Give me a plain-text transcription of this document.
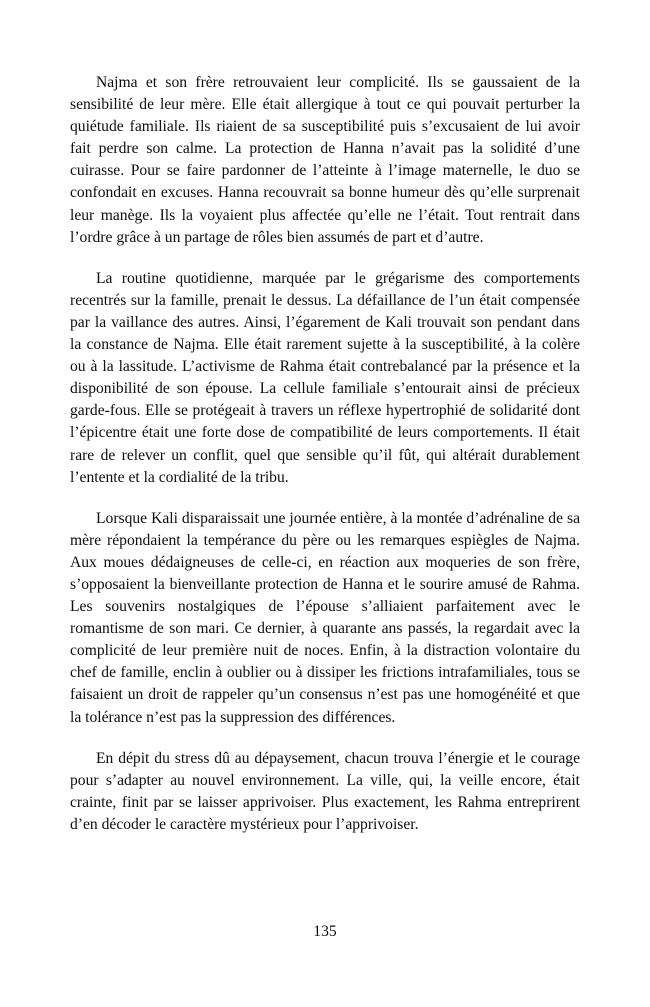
Najma et son frère retrouvaient leur complicité. Ils se gaussaient de la sensibilité de leur mère. Elle était allergique à tout ce qui pouvait perturber la quiétude familiale. Ils riaient de sa susceptibilité puis s’excusaient de lui avoir fait perdre son calme. La protection de Hanna n’avait pas la solidité d’une cuirasse. Pour se faire pardonner de l’atteinte à l’image maternelle, le duo se confondait en excuses. Hanna recouvrait sa bonne humeur dès qu’elle surprenait leur manège. Ils la voyaient plus affectée qu’elle ne l’était. Tout rentrait dans l’ordre grâce à un partage de rôles bien assumés de part et d’autre.

La routine quotidienne, marquée par le grégarisme des comportements recentrés sur la famille, prenait le dessus. La défaillance de l’un était compensée par la vaillance des autres. Ainsi, l’égarement de Kali trouvait son pendant dans la constance de Najma. Elle était rarement sujette à la susceptibilité, à la colère ou à la lassitude. L’activisme de Rahma était contrebalancé par la présence et la disponibilité de son épouse. La cellule familiale s’entourait ainsi de précieux garde-fous. Elle se protégeait à travers un réflexe hypertrophié de solidarité dont l’épicentre était une forte dose de compatibilité de leurs comportements. Il était rare de relever un conflit, quel que sensible qu’il fût, qui altérait durablement l’entente et la cordialité de la tribu.

Lorsque Kali disparaissait une journée entière, à la montée d’adrénaline de sa mère répondaient la tempérance du père ou les remarques espiègles de Najma. Aux moues dédaigneuses de celle-ci, en réaction aux moqueries de son frère, s’opposaient la bienveillante protection de Hanna et le sourire amusé de Rahma. Les souvenirs nostalgiques de l’épouse s’alliaient parfaitement avec le romantisme de son mari. Ce dernier, à quarante ans passés, la regardait avec la complicité de leur première nuit de noces. Enfin, à la distraction volontaire du chef de famille, enclin à oublier ou à dissiper les frictions intrafamiliales, tous se faisaient un droit de rappeler qu’un consensus n’est pas une homogénéité et que la tolérance n’est pas la suppression des différences.

En dépit du stress dû au dépaysement, chacun trouva l’énergie et le courage pour s’adapter au nouvel environnement. La ville, qui, la veille encore, était crainte, finit par se laisser apprivoiser. Plus exactement, les Rahma entreprirent d’en décoder le caractère mystérieux pour l’apprivoiser.

135
